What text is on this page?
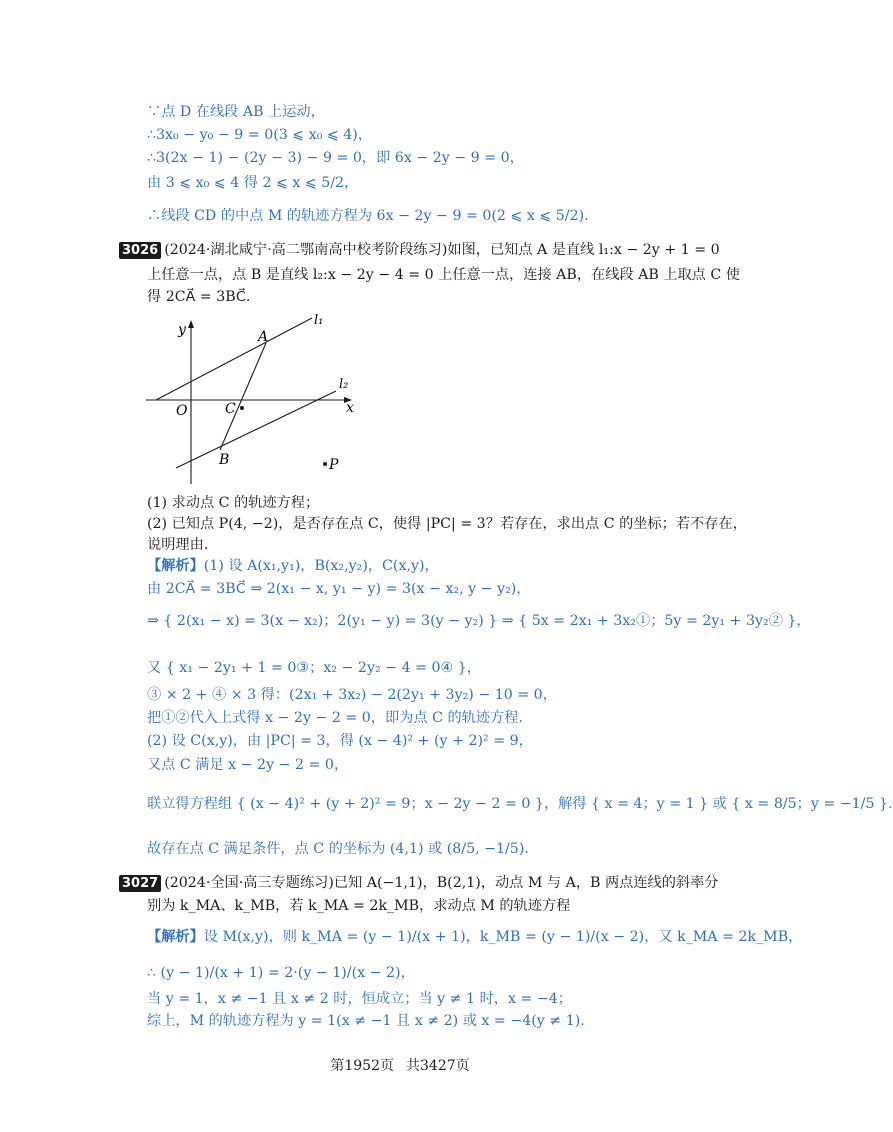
∵点 D 在线段 AB 上运动，
∴3x₀ − y₀ − 9 = 0(3 ⩽ x₀ ⩽ 4)，
∴3(2x − 1) − (2y − 3) − 9 = 0，即 6x − 2y − 9 = 0，
由 3 ⩽ x₀ ⩽ 4 得 2 ⩽ x ⩽ 5/2，
∴线段 CD 的中点 M 的轨迹方程为 6x − 2y − 9 = 0(2 ⩽ x ⩽ 5/2).
3026 (2024·湖北咸宁·高二鄂南高中校考阶段练习)如图，已知点 A 是直线 l₁:x − 2y + 1 = 0
上任意一点，点 B 是直线 l₂:x − 2y − 4 = 0 上任意一点，连接 AB，在线段 AB 上取点 C 使
得 2CA⃗ = 3BC⃗.
y
x
O
A
B
C
P
l₁
l₂
(1) 求动点 C 的轨迹方程；
(2) 已知点 P(4, −2)，是否存在点 C，使得 |PC| = 3？若存在，求出点 C 的坐标；若不存在，
说明理由.
【解析】(1) 设 A(x₁,y₁)，B(x₂,y₂)，C(x,y)，
由 2CA⃗ = 3BC⃗ ⇒ 2(x₁ − x, y₁ − y) = 3(x − x₂, y − y₂)，
⇒ { 2(x₁ − x) = 3(x − x₂)；2(y₁ − y) = 3(y − y₂) } ⇒ { 5x = 2x₁ + 3x₂①；5y = 2y₁ + 3y₂② }，
又 { x₁ − 2y₁ + 1 = 0③；x₂ − 2y₂ − 4 = 0④ }，
③ × 2 + ④ × 3 得：(2x₁ + 3x₂) − 2(2y₁ + 3y₂) − 10 = 0，
把①②代入上式得 x − 2y − 2 = 0，即为点 C 的轨迹方程.
(2) 设 C(x,y)，由 |PC| = 3，得 (x − 4)² + (y + 2)² = 9，
又点 C 满足 x − 2y − 2 = 0，
联立得方程组 { (x − 4)² + (y + 2)² = 9；x − 2y − 2 = 0 }，解得 { x = 4；y = 1 } 或 { x = 8/5；y = −1/5 }.
故存在点 C 满足条件，点 C 的坐标为 (4,1) 或 (8/5, −1/5).
3027 (2024·全国·高三专题练习)已知 A(−1,1)，B(2,1)，动点 M 与 A，B 两点连线的斜率分
别为 k_MA、k_MB，若 k_MA = 2k_MB，求动点 M 的轨迹方程
【解析】设 M(x,y)，则 k_MA = (y − 1)/(x + 1)，k_MB = (y − 1)/(x − 2)，又 k_MA = 2k_MB，
∴ (y − 1)/(x + 1) = 2·(y − 1)/(x − 2)，
当 y = 1，x ≠ −1 且 x ≠ 2 时，恒成立；当 y ≠ 1 时，x = −4；
综上，M 的轨迹方程为 y = 1(x ≠ −1 且 x ≠ 2) 或 x = −4(y ≠ 1).
第1952页 共3427页
